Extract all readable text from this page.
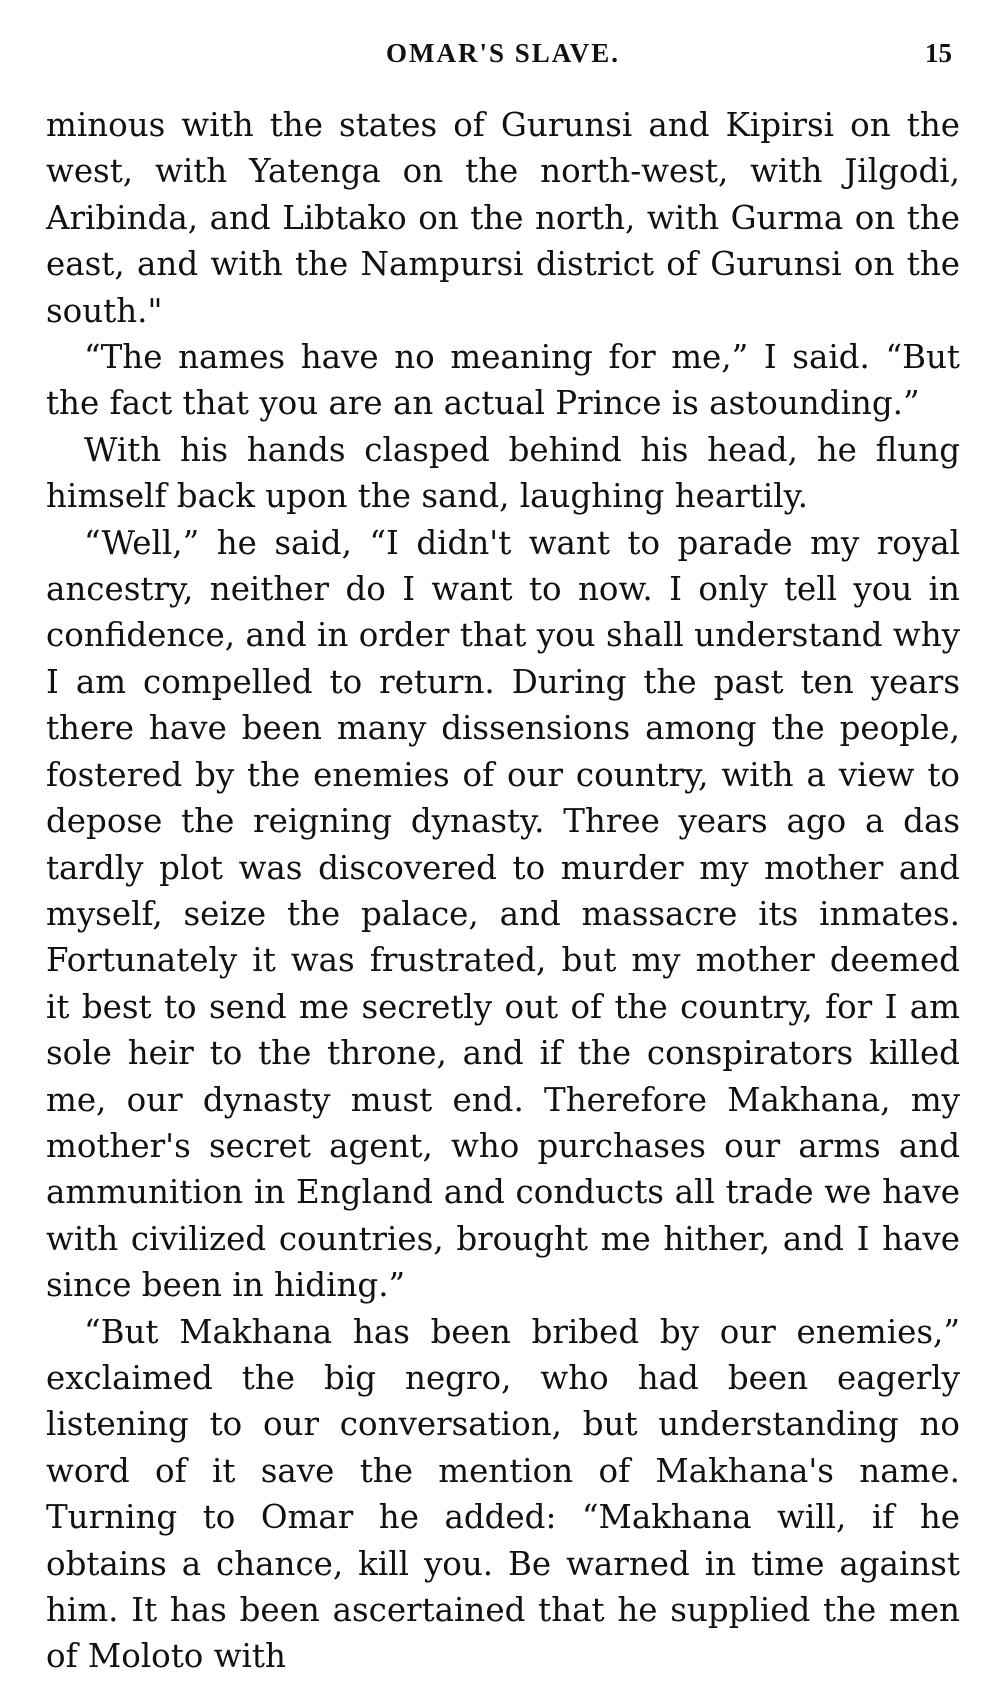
OMAR'S SLAVE.	15

minous with the states of Gurunsi and Kipirsi on the west, with Yatenga on the north-west, with Jilgodi, Aribinda, and Libtako on the north, with Gurma on the east, and with the Nampursi district of Gurunsi on the south."

“The names have no meaning for me,” I said. “But the fact that you are an actual Prince is astounding.”

With his hands clasped behind his head, he flung himself back upon the sand, laughing heartily.

“Well,” he said, “I didn't want to parade my royal ancestry, neither do I want to now. I only tell you in confidence, and in order that you shall understand why I am compelled to return. During the past ten years there have been many dissensions among the people, fostered by the enemies of our country, with a view to depose the reigning dynasty. Three years ago a das tardly plot was discovered to murder my mother and myself, seize the palace, and massacre its inmates. Fortunately it was frustrated, but my mother deemed it best to send me secretly out of the country, for I am sole heir to the throne, and if the conspirators killed me, our dynasty must end. Therefore Makhana, my mother's secret agent, who purchases our arms and ammunition in England and conducts all trade we have with civilized countries, brought me hither, and I have since been in hiding.”

“But Makhana has been bribed by our enemies,” exclaimed the big negro, who had been eagerly listening to our conversation, but understanding no word of it save the mention of Makhana's name. Turning to Omar he added: “Makhana will, if he obtains a chance, kill you. Be warned in time against him. It has been ascertained that he supplied the men of Moloto with
